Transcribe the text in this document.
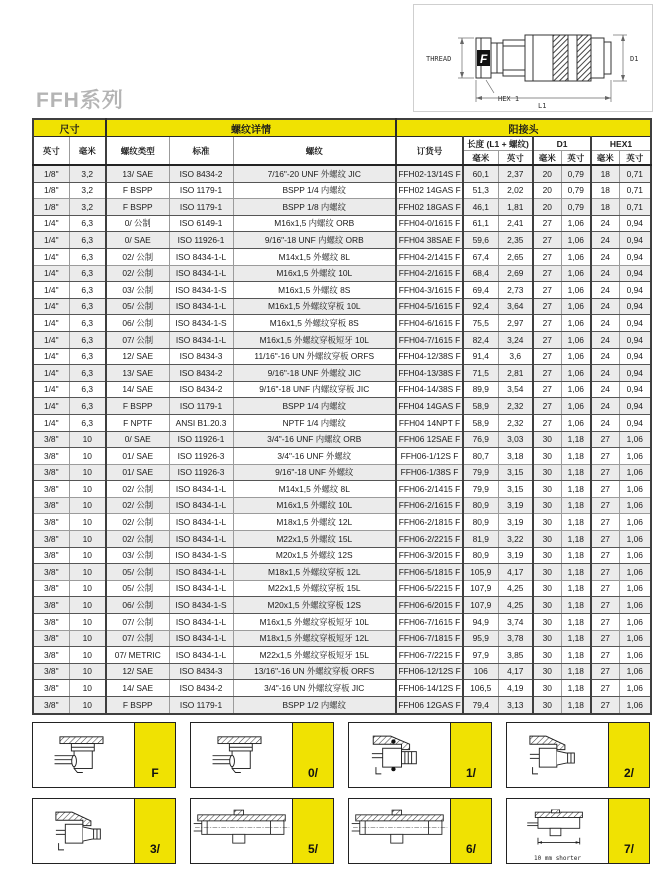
FFH系列
F
THREAD	D1
HEX 1
L1
尺寸		螺纹详情			阳接头						
英寸	毫米	螺纹类型	标准	螺纹	订货号	长度 (L1 + 螺纹)		D1		HEX1	
						毫米	英寸	毫米	英寸	毫米	英寸
1/8"	3,2	13/ SAE	ISO 8434-2	7/16"-20 UNF 外螺纹 JIC	FFH02-13/14S F	60,1	2,37	20	0,79	18	0,71
1/8"	3,2	F BSPP	ISO 1179-1	BSPP 1/4 内螺纹	FFH02 14GAS F	51,3	2,02	20	0,79	18	0,71
1/8"	3,2	F BSPP	ISO 1179-1	BSPP 1/8 内螺纹	FFH02 18GAS F	46,1	1,81	20	0,79	18	0,71
1/4"	6,3	0/ 公制	ISO 6149-1	M16x1,5 内螺纹 ORB	FFH04-0/1615 F	61,1	2,41	27	1,06	24	0,94
1/4"	6,3	0/ SAE	ISO 11926-1	9/16"-18 UNF 内螺纹 ORB	FFH04 38SAE F	59,6	2,35	27	1,06	24	0,94
1/4"	6,3	02/ 公制	ISO 8434-1-L	M14x1,5 外螺纹 8L	FFH04-2/1415 F	67,4	2,65	27	1,06	24	0,94
1/4"	6,3	02/ 公制	ISO 8434-1-L	M16x1,5 外螺纹 10L	FFH04-2/1615 F	68,4	2,69	27	1,06	24	0,94
1/4"	6,3	03/ 公制	ISO 8434-1-S	M16x1,5 外螺纹 8S	FFH04-3/1615 F	69,4	2,73	27	1,06	24	0,94
1/4"	6,3	05/ 公制	ISO 8434-1-L	M16x1,5 外螺纹穿板 10L	FFH04-5/1615 F	92,4	3,64	27	1,06	24	0,94
1/4"	6,3	06/ 公制	ISO 8434-1-S	M16x1,5 外螺纹穿板 8S	FFH04-6/1615 F	75,5	2,97	27	1,06	24	0,94
1/4"	6,3	07/ 公制	ISO 8434-1-L	M16x1,5 外螺纹穿板短牙 10L	FFH04-7/1615 F	82,4	3,24	27	1,06	24	0,94
1/4"	6,3	12/ SAE	ISO 8434-3	11/16"-16 UN 外螺纹穿板 ORFS	FFH04-12/38S F	91,4	3,6	27	1,06	24	0,94
1/4"	6,3	13/ SAE	ISO 8434-2	9/16"-18 UNF 外螺纹 JIC	FFH04-13/38S F	71,5	2,81	27	1,06	24	0,94
1/4"	6,3	14/ SAE	ISO 8434-2	9/16"-18 UNF 内螺纹穿板 JIC	FFH04-14/38S F	89,9	3,54	27	1,06	24	0,94
1/4"	6,3	F BSPP	ISO 1179-1	BSPP 1/4 内螺纹	FFH04 14GAS F	58,9	2,32	27	1,06	24	0,94
1/4"	6,3	F NPTF	ANSI B1.20.3	NPTF 1/4 内螺纹	FFH04 14NPT F	58,9	2,32	27	1,06	24	0,94
3/8"	10	0/ SAE	ISO 11926-1	3/4"-16 UNF 内螺纹 ORB	FFH06 12SAE F	76,9	3,03	30	1,18	27	1,06
3/8"	10	01/ SAE	ISO 11926-3	3/4"-16 UNF 外螺纹	FFH06-1/12S F	80,7	3,18	30	1,18	27	1,06
3/8"	10	01/ SAE	ISO 11926-3	9/16"-18 UNF 外螺纹	FFH06-1/38S F	79,9	3,15	30	1,18	27	1,06
3/8"	10	02/ 公制	ISO 8434-1-L	M14x1,5 外螺纹 8L	FFH06-2/1415 F	79,9	3,15	30	1,18	27	1,06
3/8"	10	02/ 公制	ISO 8434-1-L	M16x1,5 外螺纹 10L	FFH06-2/1615 F	80,9	3,19	30	1,18	27	1,06
3/8"	10	02/ 公制	ISO 8434-1-L	M18x1,5 外螺纹 12L	FFH06-2/1815 F	80,9	3,19	30	1,18	27	1,06
3/8"	10	02/ 公制	ISO 8434-1-L	M22x1,5 外螺纹 15L	FFH06-2/2215 F	81,9	3,22	30	1,18	27	1,06
3/8"	10	03/ 公制	ISO 8434-1-S	M20x1,5 外螺纹 12S	FFH06-3/2015 F	80,9	3,19	30	1,18	27	1,06
3/8"	10	05/ 公制	ISO 8434-1-L	M18x1,5 外螺纹穿板 12L	FFH06-5/1815 F	105,9	4,17	30	1,18	27	1,06
3/8"	10	05/ 公制	ISO 8434-1-L	M22x1,5 外螺纹穿板 15L	FFH06-5/2215 F	107,9	4,25	30	1,18	27	1,06
3/8"	10	06/ 公制	ISO 8434-1-S	M20x1,5 外螺纹穿板 12S	FFH06-6/2015 F	107,9	4,25	30	1,18	27	1,06
3/8"	10	07/ 公制	ISO 8434-1-L	M16x1,5 外螺纹穿板短牙 10L	FFH06-7/1615 F	94,9	3,74	30	1,18	27	1,06
3/8"	10	07/ 公制	ISO 8434-1-L	M18x1,5 外螺纹穿板短牙 12L	FFH06-7/1815 F	95,9	3,78	30	1,18	27	1,06
3/8"	10	07/ METRIC	ISO 8434-1-L	M22x1,5 外螺纹穿板短牙 15L	FFH06-7/2215 F	97,9	3,85	30	1,18	27	1,06
3/8"	10	12/ SAE	ISO 8434-3	13/16"-16 UN 外螺纹穿板 ORFS	FFH06-12/12S F	106	4,17	30	1,18	27	1,06
3/8"	10	14/ SAE	ISO 8434-2	3/4"-16 UN 外螺纹穿板 JIC	FFH06-14/12S F	106,5	4,19	30	1,18	27	1,06
3/8"	10	F BSPP	ISO 1179-1	BSPP 1/2 内螺纹	FFH06 12GAS F	79,4	3,13	30	1,18	27	1,06
F	0/	1/	2/
3/	5/	6/
10 mm shorter
7/
